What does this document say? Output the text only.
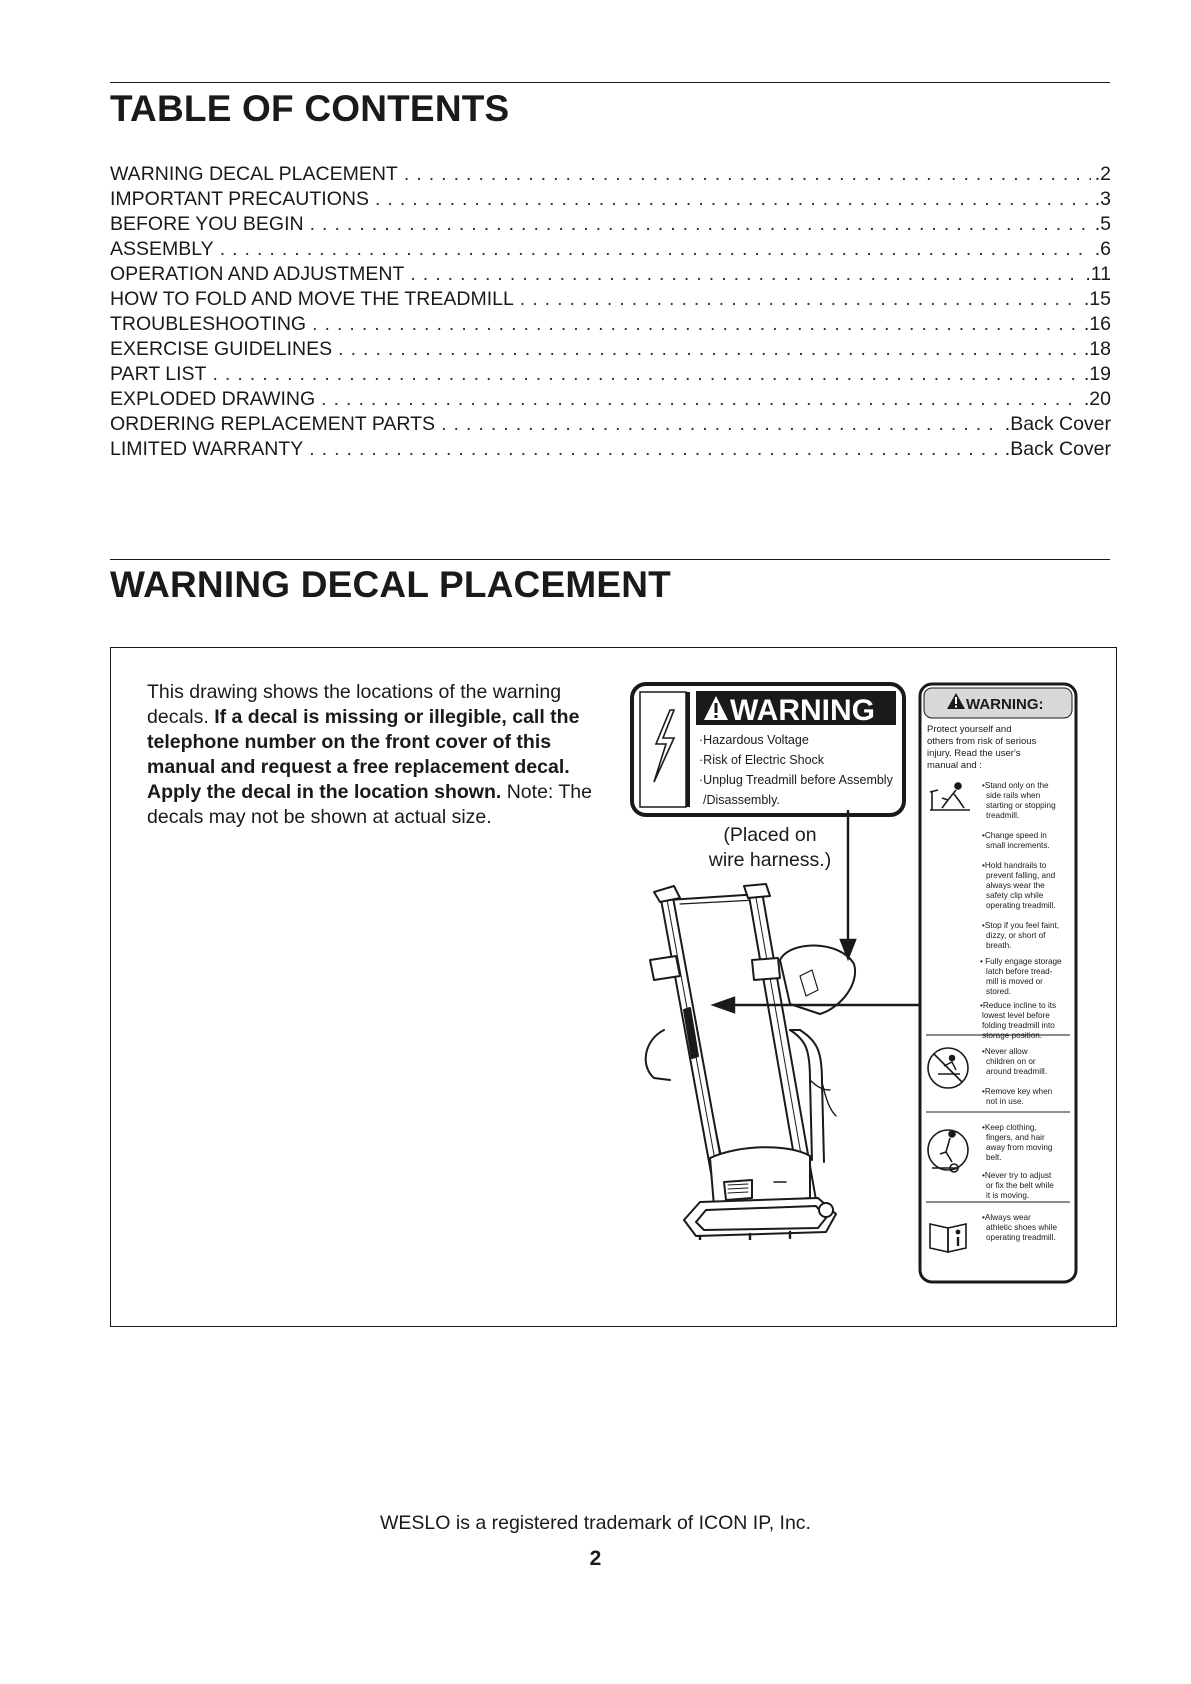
TABLE OF CONTENTS
WARNING DECAL PLACEMENT . . .	.2
IMPORTANT PRECAUTIONS . . .	.3
BEFORE YOU BEGIN . . .	.5
ASSEMBLY . . .	.6
OPERATION AND ADJUSTMENT . . .	.11
HOW TO FOLD AND MOVE THE TREADMILL . . .	.15
TROUBLESHOOTING . . .	.16
EXERCISE GUIDELINES . . .	.18
PART LIST . . .	.19
EXPLODED DRAWING . . .	.20
ORDERING REPLACEMENT PARTS . . .	.Back Cover
LIMITED WARRANTY . . .	.Back Cover
WARNING DECAL PLACEMENT

This drawing shows the locations of the warning decals. If a decal is missing or illegible, call the telephone number on the front cover of this manual and request a free replacement decal. Apply the decal in the location shown. Note: The decals may not be shown at actual size.

(Placed on
wire harness.)
WARNING
·Hazardous Voltage
·Risk of Electric Shock
·Unplug Treadmill before Assembly
/Disassembly.
WARNING:
Protect yourself and
others from risk of serious
injury. Read the user's
manual and :
•Stand only on the
side rails when
starting or stopping
treadmill.
•Change speed in
small increments.
•Hold handrails to
prevent falling, and
always wear the
safety clip while
operating treadmill.
•Stop if you feel faint,
dizzy, or short of
breath.
• Fully engage storage
latch before tread-
mill is moved or
stored.
•Reduce incline to its
lowest level before
folding treadmill into
storage position.
•Never allow
children on or
around treadmill.
•Remove key when
not in use.
•Keep clothing,
fingers, and hair
away from moving
belt.
•Never try to adjust
or fix the belt while
it is moving.
•Always wear
athletic shoes while
operating treadmill.
WESLO is a registered trademark of ICON IP, Inc.
2
